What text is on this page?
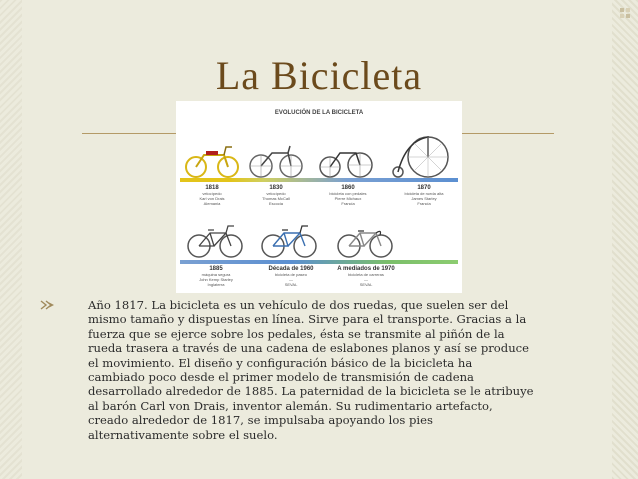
La Bicicleta
EVOLUCIÓN DE LA BICICLETA
1818
velocípedo
Karl von Drais
Alemania
1830
velocípedo
Thomas McCall
Escocia
1860
bicicleta con pedales
Pierre Michaux
Francia
1870
bicicleta de rueda alta
James Starley
Francia
1885
máquina segura
John Kemp Starley
Inglaterra
Década de 1960
bicicleta de paseo
—
SEVAL
A mediados de 1970
bicicleta de carreras
—
SEVAL
Año 1817. La bicicleta es un vehículo de dos ruedas, que suelen ser del
mismo tamaño y dispuestas en línea. Sirve para el transporte. Gracias a la
fuerza que se ejerce sobre los pedales, ésta se transmite al piñón de la
rueda trasera a través de una cadena de eslabones planos y así se produce
el movimiento. El diseño y configuración básico de la bicicleta ha
cambiado poco desde el primer modelo de transmisión de cadena
desarrollado alrededor de 1885. La paternidad de la bicicleta se le atribuye
al barón Carl von Drais, inventor alemán. Su rudimentario artefacto,
creado alrededor de 1817, se impulsaba apoyando los pies
alternativamente sobre el suelo.
